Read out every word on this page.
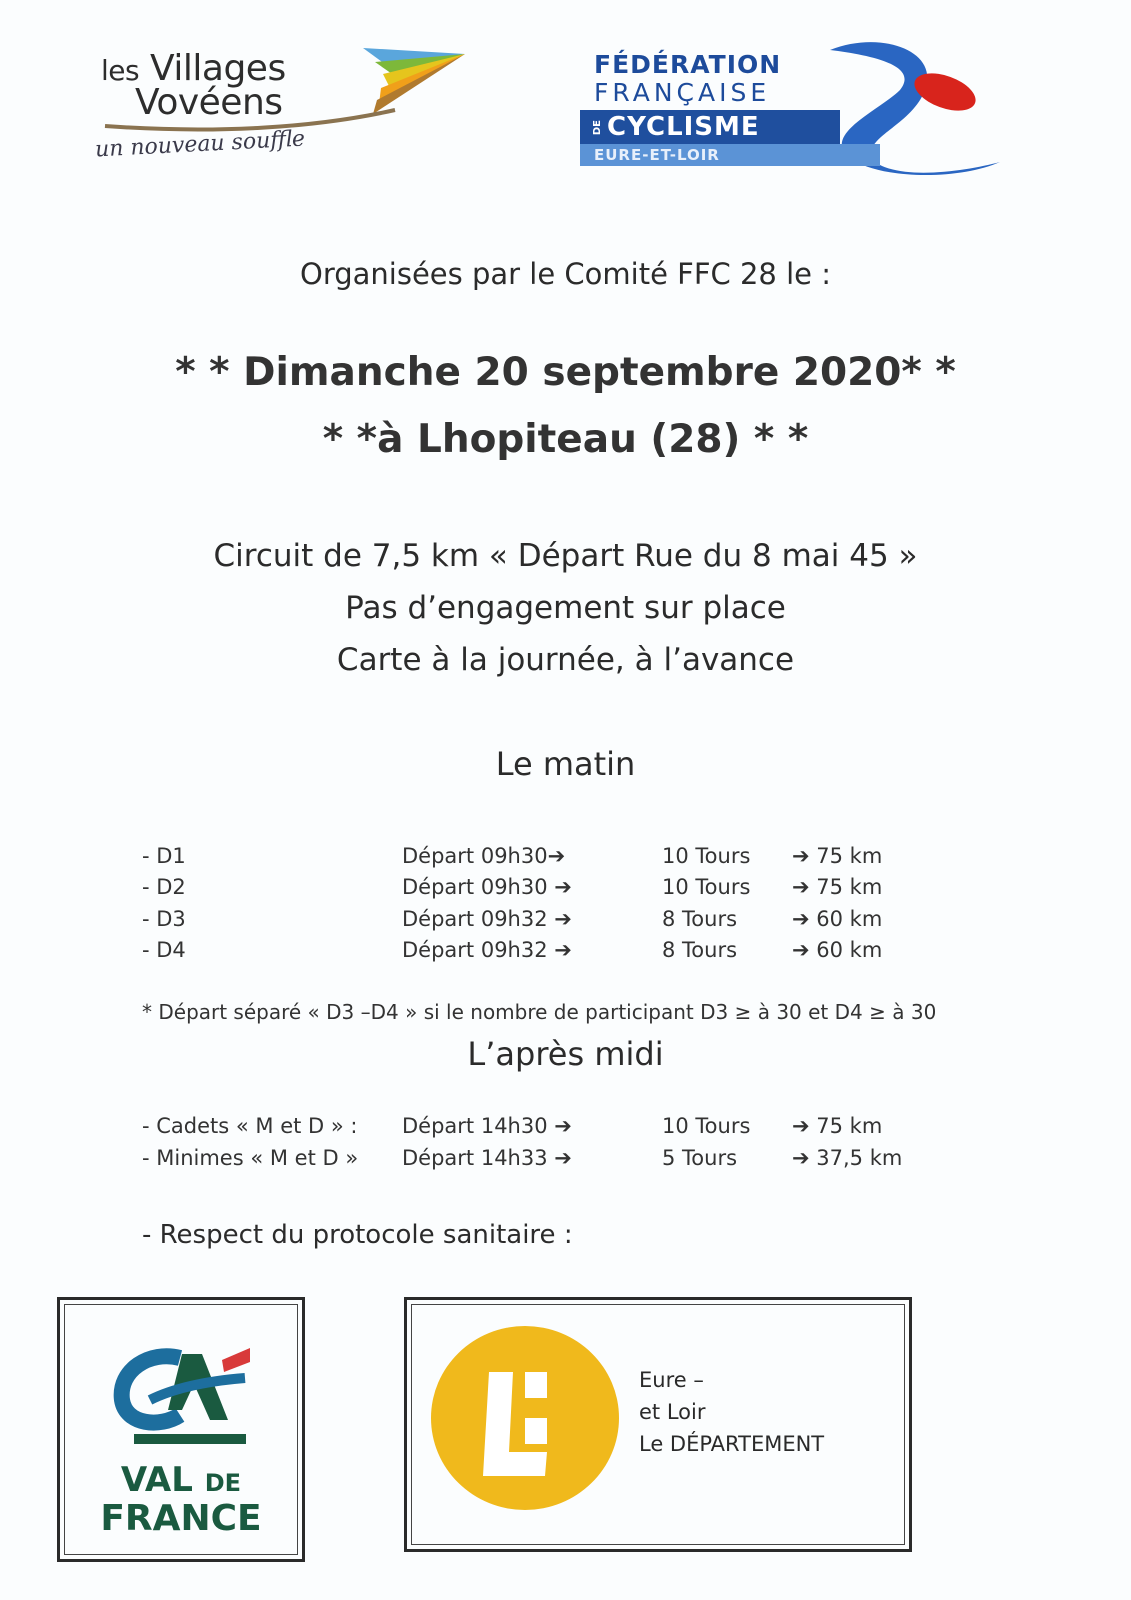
les Villages
Vovéens
un nouveau souffle
FÉDÉRATION
FRANÇAISE
DE CYCLISME
EURE-ET-LOIR
Organisées par le Comité FFC 28 le :
* * Dimanche 20 septembre 2020* *
* *à Lhopiteau (28) * *
Circuit de 7,5 km « Départ Rue du 8 mai 45 »
Pas d’engagement sur place
Carte à la journée, à l’avance
Le matin
- D1	Départ 09h30➔	10 Tours ➔ 75 km
- D2	Départ 09h30 ➔	10 Tours ➔ 75 km
- D3	Départ 09h32 ➔	8 Tours	➔ 60 km
- D4	Départ 09h32 ➔	8 Tours	➔ 60 km
* Départ séparé « D3 –D4 » si le nombre de participant D3 ≥ à 30 et D4 ≥ à 30
L’après midi
- Cadets « M et D » : Départ 14h30 ➔	10 Tours ➔ 75 km
- Minimes « M et D » Départ 14h33 ➔	5 Tours	➔ 37,5 km
- Respect du protocole sanitaire :
VAL DE
FRANCE
Eure –
et Loir
Le DÉPARTEMENT
